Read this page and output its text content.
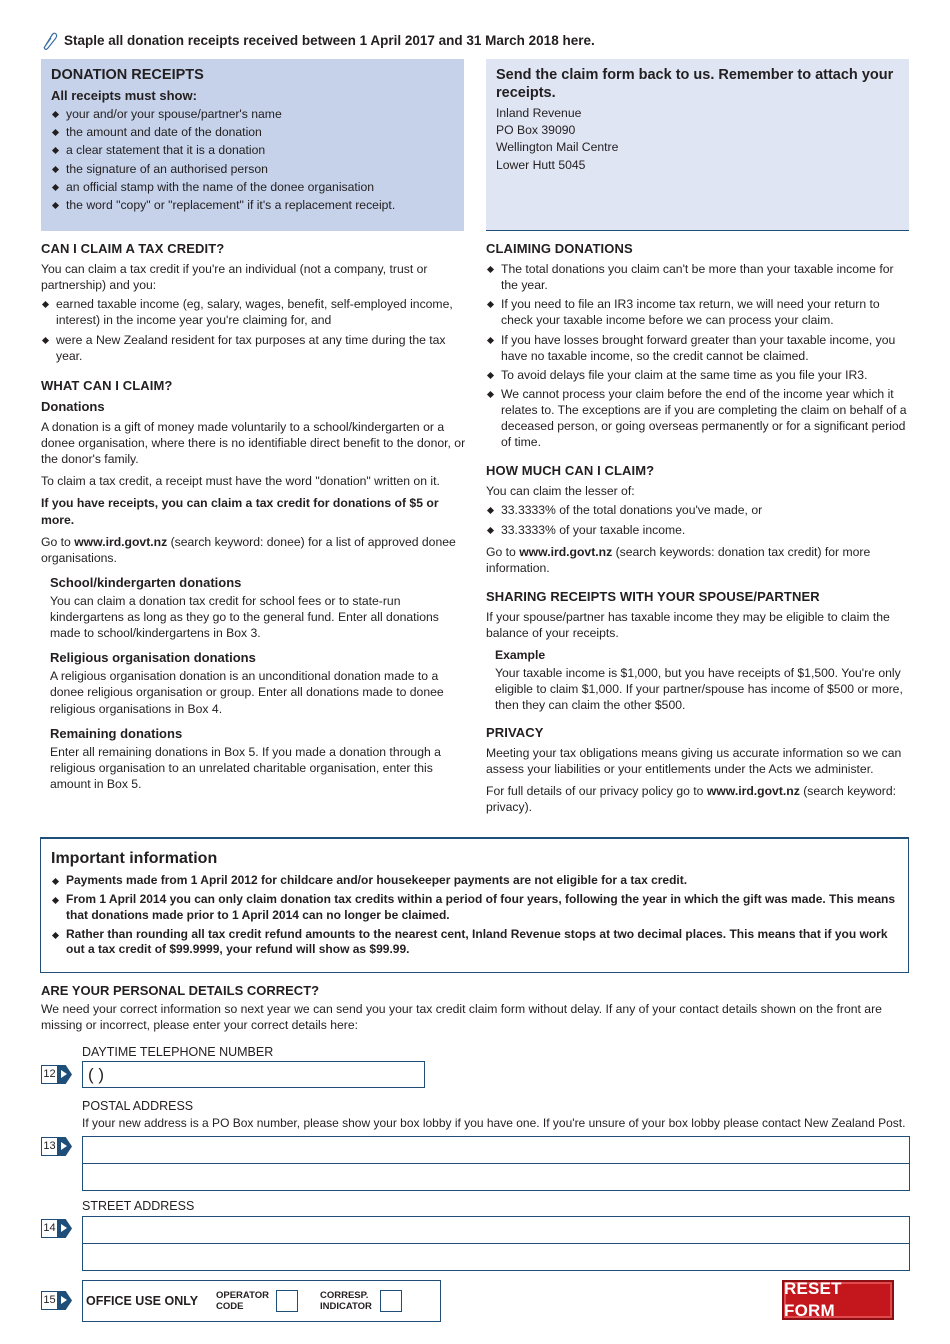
Staple all donation receipts received between 1 April 2017 and 31 March 2018 here.
DONATION RECEIPTS
All receipts must show:
your and/or your spouse/partner's name
the amount and date of the donation
a clear statement that it is a donation
the signature of an authorised person
an official stamp with the name of the donee organisation
the word "copy" or "replacement" if it's a replacement receipt.
Send the claim form back to us. Remember to attach your receipts.
Inland Revenue
PO Box 39090
Wellington Mail Centre
Lower Hutt 5045
CAN I CLAIM A TAX CREDIT?

You can claim a tax credit if you're an individual (not a company, trust or partnership) and you:

earned taxable income (eg, salary, wages, benefit, self-employed income, interest) in the income year you're claiming for, and
were a New Zealand resident for tax purposes at any time during the tax year.
WHAT CAN I CLAIM?
Donations

A donation is a gift of money made voluntarily to a school/kindergarten or a donee organisation, where there is no identifiable direct benefit to the donor, or the donor's family.

To claim a tax credit, a receipt must have the word "donation" written on it.

If you have receipts, you can claim a tax credit for donations of $5 or more.

Go to www.ird.govt.nz (search keyword: donee) for a list of approved donee organisations.

School/kindergarten donations

You can claim a donation tax credit for school fees or to state-run kindergartens as long as they go to the general fund. Enter all donations made to school/kindergartens in Box 3.

Religious organisation donations

A religious organisation donation is an unconditional donation made to a donee religious organisation or group. Enter all donations made to donee religious organisations in Box 4.

Remaining donations

Enter all remaining donations in Box 5. If you made a donation through a religious organisation to an unrelated charitable organisation, enter this amount in Box 5.

CLAIMING DONATIONS
The total donations you claim can't be more than your taxable income for the year.
If you need to file an IR3 income tax return, we will need your return to check your taxable income before we can process your claim.
If you have losses brought forward greater than your taxable income, you have no taxable income, so the credit cannot be claimed.
To avoid delays file your claim at the same time as you file your IR3.
We cannot process your claim before the end of the income year which it relates to. The exceptions are if you are completing the claim on behalf of a deceased person, or going overseas permanently or for a significant period of time.
HOW MUCH CAN I CLAIM?

You can claim the lesser of:

33.3333% of the total donations you've made, or
33.3333% of your taxable income.

Go to www.ird.govt.nz (search keywords: donation tax credit) for more information.

SHARING RECEIPTS WITH YOUR SPOUSE/PARTNER

If your spouse/partner has taxable income they may be eligible to claim the balance of your receipts.

Example

Your taxable income is $1,000, but you have receipts of $1,500. You're only eligible to claim $1,000. If your partner/spouse has income of $500 or more, then they can claim the other $500.

PRIVACY

Meeting your tax obligations means giving us accurate information so we can assess your liabilities or your entitlements under the Acts we administer.

For full details of our privacy policy go to www.ird.govt.nz (search keyword: privacy).

Important information
Payments made from 1 April 2012 for childcare and/or housekeeper payments are not eligible for a tax credit.
From 1 April 2014 you can only claim donation tax credits within a period of four years, following the year in which the gift was made. This means that donations made prior to 1 April 2014 can no longer be claimed.
Rather than rounding all tax credit refund amounts to the nearest cent, Inland Revenue stops at two decimal places. This means that if you work out a tax credit of $99.9999, your refund will show as $99.99.
ARE YOUR PERSONAL DETAILS CORRECT?
We need your correct information so next year we can send you your tax credit claim form without delay. If any of your contact details shown on the front are missing or incorrect, please enter your correct details here:
DAYTIME TELEPHONE NUMBER
12	( )
POSTAL ADDRESS
If your new address is a PO Box number, please show your box lobby if you have one. If you're unsure of your box lobby please contact New Zealand Post.
13
STREET ADDRESS
14
15 OFFICE USE ONLY	OPERATOR CODE
CORRESP. INDICATOR
RESET FORM
